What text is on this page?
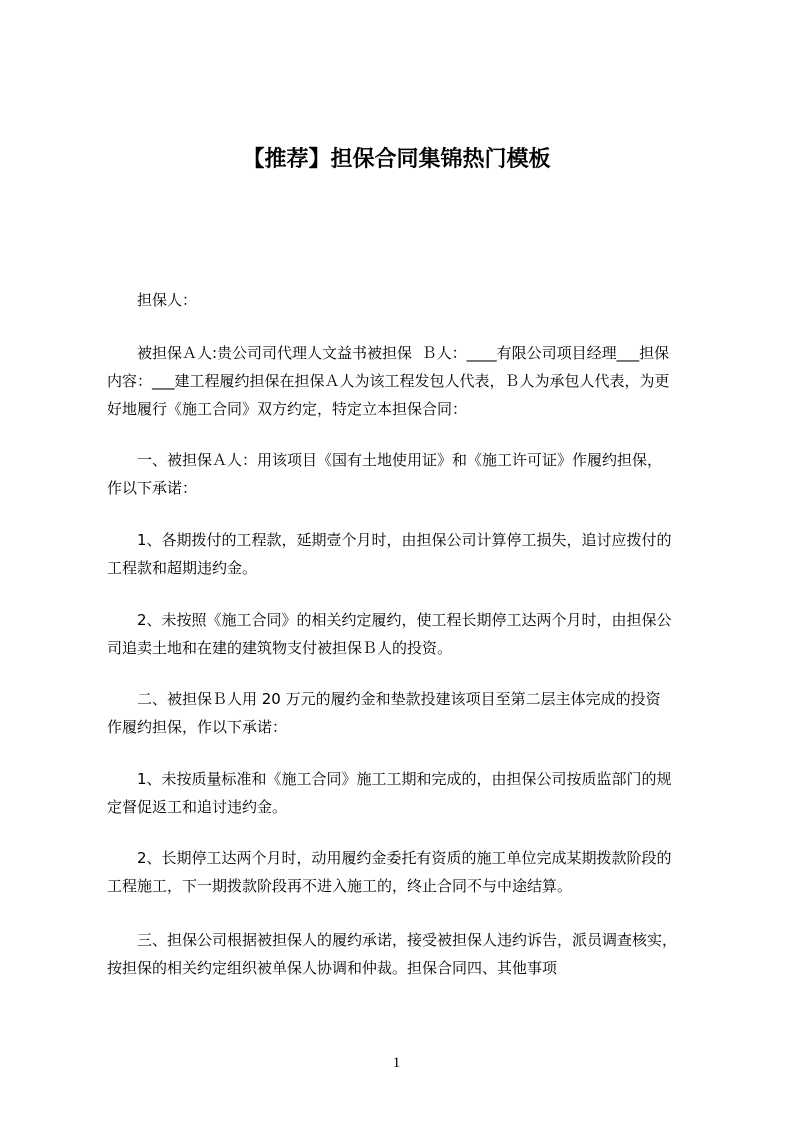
【推荐】担保合同集锦热门模板
担保人：
被担保Ａ人:贵公司司代理人文益书被担保  Ｂ人：____有限公司项目经理___担保
内容：___建工程履约担保在担保Ａ人为该工程发包人代表，Ｂ人为承包人代表，为更
好地履行《施工合同》双方约定，特定立本担保合同：
一、被担保Ａ人：用该项目《国有土地使用证》和《施工许可证》作履约担保，
作以下承诺：
1、各期拨付的工程款，延期壹个月时，由担保公司计算停工损失，追讨应拨付的
工程款和超期违约金。
2、未按照《施工合同》的相关约定履约，使工程长期停工达两个月时，由担保公
司追卖土地和在建的建筑物支付被担保Ｂ人的投资。
二、被担保Ｂ人用 20 万元的履约金和垫款投建该项目至第二层主体完成的投资
作履约担保，作以下承诺：
1、未按质量标准和《施工合同》施工工期和完成的，由担保公司按质监部门的规
定督促返工和追讨违约金。
2、长期停工达两个月时，动用履约金委托有资质的施工单位完成某期拨款阶段的
工程施工，下一期拨款阶段再不进入施工的，终止合同不与中途结算。
三、担保公司根据被担保人的履约承诺，接受被担保人违约诉告，派员调查核实，
按担保的相关约定组织被单保人协调和仲裁。担保合同四、其他事项
1
